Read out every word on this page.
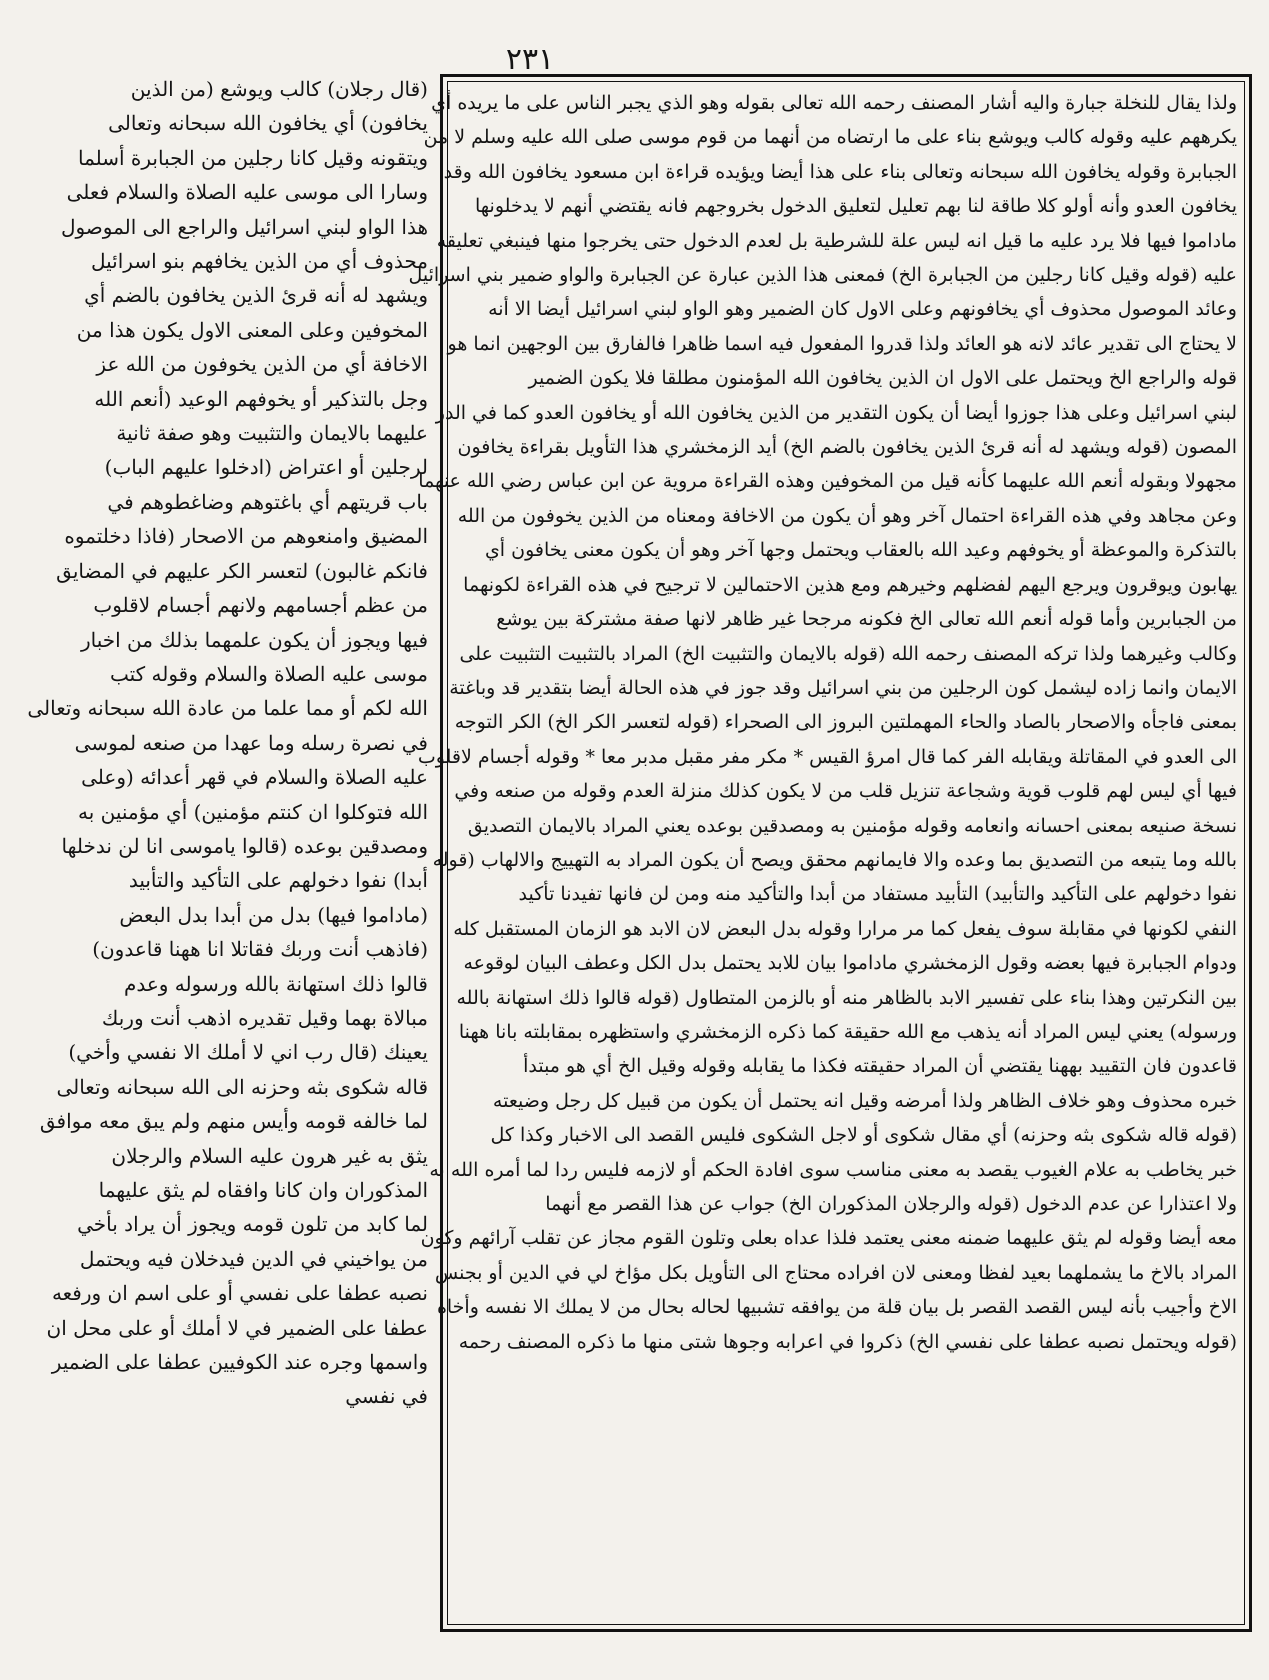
٢٣١
(قال رجلان) كالب ويوشع (من الذين
يخافون) أي يخافون الله سبحانه وتعالى
ويتقونه وقيل كانا رجلين من الجبابرة أسلما
وسارا الى موسى عليه الصلاة والسلام فعلى
هذا الواو لبني اسرائيل والراجع الى الموصول
محذوف أي من الذين يخافهم بنو اسرائيل
ويشهد له أنه قرئ الذين يخافون بالضم أي
المخوفين وعلى المعنى الاول يكون هذا من
الاخافة أي من الذين يخوفون من الله عز
وجل بالتذكير أو يخوفهم الوعيد (أنعم الله
عليهما بالايمان والتثبيت وهو صفة ثانية
لرجلين أو اعتراض (ادخلوا عليهم الباب)
باب قريتهم أي باغتوهم وضاغطوهم في
المضيق وامنعوهم من الاصحار (فاذا دخلتموه
فانكم غالبون) لتعسر الكر عليهم في المضايق
من عظم أجسامهم ولانهم أجسام لاقلوب
فيها ويجوز أن يكون علمهما بذلك من اخبار
موسى عليه الصلاة والسلام وقوله كتب
الله لكم أو مما علما من عادة الله سبحانه وتعالى
في نصرة رسله وما عهدا من صنعه لموسى
عليه الصلاة والسلام في قهر أعدائه (وعلى
الله فتوكلوا ان كنتم مؤمنين) أي مؤمنين به
ومصدقين بوعده (قالوا ياموسى انا لن ندخلها
أبدا) نفوا دخولهم على التأكيد والتأبيد
(ماداموا فيها) بدل من أبدا بدل البعض
(فاذهب أنت وربك فقاتلا انا ههنا قاعدون)
قالوا ذلك استهانة بالله ورسوله وعدم
مبالاة بهما وقيل تقديره اذهب أنت وربك
يعينك (قال رب اني لا أملك الا نفسي وأخي)
قاله شكوى بثه وحزنه الى الله سبحانه وتعالى
لما خالفه قومه وأيس منهم ولم يبق معه موافق
يثق به غير هرون عليه السلام والرجلان
المذكوران وان كانا وافقاه لم يثق عليهما
لما كابد من تلون قومه ويجوز أن يراد بأخي
من يواخيني في الدين فيدخلان فيه ويحتمل
نصبه عطفا على نفسي أو على اسم ان ورفعه
عطفا على الضمير في لا أملك أو على محل ان
واسمها وجره عند الكوفيين عطفا على الضمير
في نفسي
ولذا يقال للنخلة جبارة واليه أشار المصنف رحمه الله تعالى بقوله وهو الذي يجبر الناس على ما يريده أي
يكرههم عليه وقوله كالب ويوشع بناء على ما ارتضاه من أنهما من قوم موسى صلى الله عليه وسلم لا من
الجبابرة وقوله يخافون الله سبحانه وتعالى بناء على هذا أيضا ويؤيده قراءة ابن مسعود يخافون الله وقد
يخافون العدو وأنه أولو كلا طاقة لنا بهم تعليل لتعليق الدخول بخروجهم فانه يقتضي أنهم لا يدخلونها
ماداموا فيها فلا يرد عليه ما قيل انه ليس علة للشرطية بل لعدم الدخول حتى يخرجوا منها فينبغي تعليقه
عليه (قوله وقيل كانا رجلين من الجبابرة الخ) فمعنى هذا الذين عبارة عن الجبابرة والواو ضمير بني اسرائيل
وعائد الموصول محذوف أي يخافونهم وعلى الاول كان الضمير وهو الواو لبني اسرائيل أيضا الا أنه
لا يحتاج الى تقدير عائد لانه هو العائد ولذا قدروا المفعول فيه اسما ظاهرا فالفارق بين الوجهين انما هو
قوله والراجع الخ ويحتمل على الاول ان الذين يخافون الله المؤمنون مطلقا فلا يكون الضمير
لبني اسرائيل وعلى هذا جوزوا أيضا أن يكون التقدير من الذين يخافون الله أو يخافون العدو كما في الدر
المصون (قوله ويشهد له أنه قرئ الذين يخافون بالضم الخ) أيد الزمخشري هذا التأويل بقراءة يخافون
مجهولا وبقوله أنعم الله عليهما كأنه قيل من المخوفين وهذه القراءة مروية عن ابن عباس رضي الله عنهما
وعن مجاهد وفي هذه القراءة احتمال آخر وهو أن يكون من الاخافة ومعناه من الذين يخوفون من الله
بالتذكرة والموعظة أو يخوفهم وعيد الله بالعقاب ويحتمل وجها آخر وهو أن يكون معنى يخافون أي
يهابون ويوقرون ويرجع اليهم لفضلهم وخيرهم ومع هذين الاحتمالين لا ترجيح في هذه القراءة لكونهما
من الجبابرين وأما قوله أنعم الله تعالى الخ فكونه مرجحا غير ظاهر لانها صفة مشتركة بين يوشع
وكالب وغيرهما ولذا تركه المصنف رحمه الله (قوله بالايمان والتثبيت الخ) المراد بالتثبيت التثبيت على
الايمان وانما زاده ليشمل كون الرجلين من بني اسرائيل وقد جوز في هذه الحالة أيضا بتقدير قد وباغتة
بمعنى فاجأه والاصحار بالصاد والحاء المهملتين البروز الى الصحراء (قوله لتعسر الكر الخ) الكر التوجه
الى العدو في المقاتلة ويقابله الفر كما قال امرؤ القيس * مكر مفر مقبل مدبر معا * وقوله أجسام لاقلوب
فيها أي ليس لهم قلوب قوية وشجاعة تنزيل قلب من لا يكون كذلك منزلة العدم وقوله من صنعه وفي
نسخة صنيعه بمعنى احسانه وانعامه وقوله مؤمنين به ومصدقين بوعده يعني المراد بالايمان التصديق
بالله وما يتبعه من التصديق بما وعده والا فايمانهم محقق ويصح أن يكون المراد به التهييج والالهاب (قوله
نفوا دخولهم على التأكيد والتأبيد) التأبيد مستفاد من أبدا والتأكيد منه ومن لن فانها تفيدنا تأكيد
النفي لكونها في مقابلة سوف يفعل كما مر مرارا وقوله بدل البعض لان الابد هو الزمان المستقبل كله
ودوام الجبابرة فيها بعضه وقول الزمخشري ماداموا بيان للابد يحتمل بدل الكل وعطف البيان لوقوعه
بين النكرتين وهذا بناء على تفسير الابد بالظاهر منه أو بالزمن المتطاول (قوله قالوا ذلك استهانة بالله
ورسوله) يعني ليس المراد أنه يذهب مع الله حقيقة كما ذكره الزمخشري واستظهره بمقابلته بانا ههنا
قاعدون فان التقييد بههنا يقتضي أن المراد حقيقته فكذا ما يقابله وقوله وقيل الخ أي هو مبتدأ
خبره محذوف وهو خلاف الظاهر ولذا أمرضه وقيل انه يحتمل أن يكون من قبيل كل رجل وضيعته
(قوله قاله شكوى بثه وحزنه) أي مقال شكوى أو لاجل الشكوى فليس القصد الى الاخبار وكذا كل
خبر يخاطب به علام الغيوب يقصد به معنى مناسب سوى افادة الحكم أو لازمه فليس ردا لما أمره الله به
ولا اعتذارا عن عدم الدخول (قوله والرجلان المذكوران الخ) جواب عن هذا القصر مع أنهما
معه أيضا وقوله لم يثق عليهما ضمنه معنى يعتمد فلذا عداه بعلى وتلون القوم مجاز عن تقلب آرائهم وكون
المراد بالاخ ما يشملهما بعيد لفظا ومعنى لان افراده محتاج الى التأويل بكل مؤاخ لي في الدين أو بجنس
الاخ وأجيب بأنه ليس القصد القصر بل بيان قلة من يوافقه تشبيها لحاله بحال من لا يملك الا نفسه وأخاه
(قوله ويحتمل نصبه عطفا على نفسي الخ) ذكروا في اعرابه وجوها شتى منها ما ذكره المصنف رحمه
